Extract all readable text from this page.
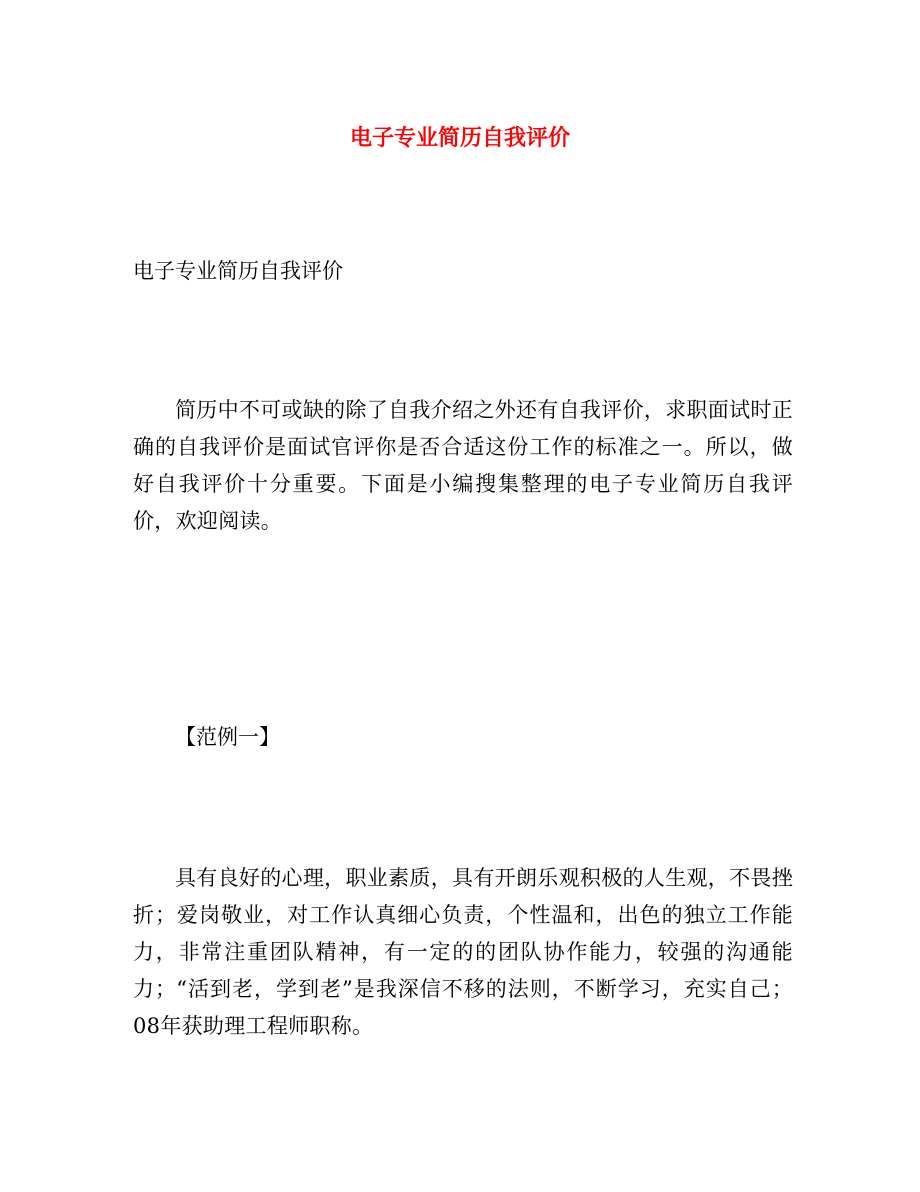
电子专业简历自我评价

电子专业简历自我评价

简历中不可或缺的除了自我介绍之外还有自我评价，求职面试时正确的自我评价是面试官评你是否合适这份工作的标准之一。所以，做好自我评价十分重要。下面是小编搜集整理的电子专业简历自我评价，欢迎阅读。

【范例一】

具有良好的心理，职业素质，具有开朗乐观积极的人生观，不畏挫折；爱岗敬业，对工作认真细心负责，个性温和，出色的独立工作能力，非常注重团队精神，有一定的的团队协作能力，较强的沟通能力；“活到老，学到老”是我深信不移的法则，不断学习，充实自己； 08年获助理工程师职称。
